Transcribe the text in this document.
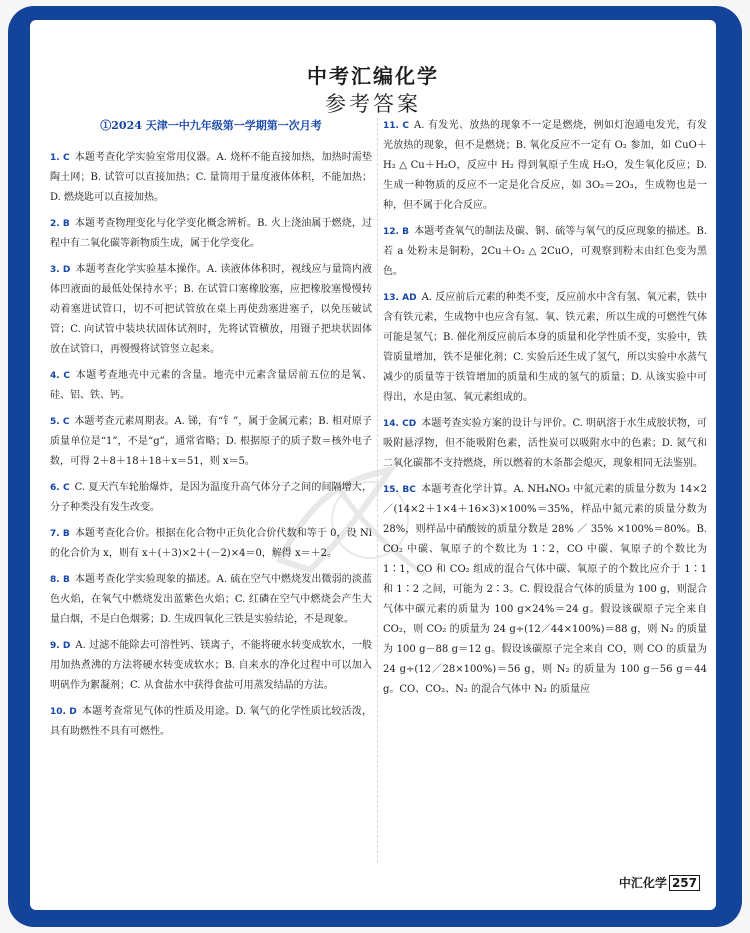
中考汇编化学
参考答案
①2024 天津一中九年级第一学期第一次月考
1. C 本题考查化学实验室常用仪器。A. 烧杯不能直接加热，加热时需垫陶土网；B. 试管可以直接加热；C. 量筒用于量度液体体积，不能加热；D. 燃烧匙可以直接加热。
2. B 本题考查物理变化与化学变化概念辨析。B. 火上浇油属于燃烧，过程中有二氧化碳等新物质生成，属于化学变化。
3. D 本题考查化学实验基本操作。A. 读液体体积时，视线应与量筒内液体凹液面的最低处保持水平；B. 在试管口塞橡胶塞，应把橡胶塞慢慢转动着塞进试管口，切不可把试管放在桌上再使劲塞进塞子，以免压破试管；C. 向试管中装块状固体试剂时，先将试管横放，用镊子把块状固体放在试管口，再慢慢将试管竖立起来。
4. C 本题考查地壳中元素的含量。地壳中元素含量居前五位的是氧、硅、铝、铁、钙。
5. C 本题考查元素周期表。A. 锑，有“钅”，属于金属元素；B. 相对原子质量单位是“1”，不是“g”，通常省略；D. 根据原子的质子数＝核外电子数，可得 2＋8＋18＋18＋x＝51，则 x＝5。
6. C C. 夏天汽车轮胎爆炸，是因为温度升高气体分子之间的间隔增大，分子种类没有发生改变。
7. B 本题考查化合价。根据在化合物中正负化合价代数和等于 0，设 Ni 的化合价为 x，则有 x＋(＋3)×2＋(－2)×4＝0，解得 x＝＋2。
8. B 本题考查化学实验现象的描述。A. 硫在空气中燃烧发出微弱的淡蓝色火焰，在氧气中燃烧发出蓝紫色火焰；C. 红磷在空气中燃烧会产生大量白烟，不是白色烟雾；D. 生成四氧化三铁是实验结论，不是现象。
9. D A. 过滤不能除去可溶性钙、镁离子，不能将硬水转变成软水，一般用加热煮沸的方法将硬水转变成软水；B. 自来水的净化过程中可以加入明矾作为絮凝剂；C. 从食盐水中获得食盐可用蒸发结晶的方法。
10. D 本题考查常见气体的性质及用途。D. 氧气的化学性质比较活泼，具有助燃性不具有可燃性。
11. C A. 有发光、放热的现象不一定是燃烧，例如灯泡通电发光，有发光放热的现象，但不是燃烧；B. 氧化反应不一定有 O₂ 参加，如 CuO＋H₂ △ Cu＋H₂O，反应中 H₂ 得到氧原子生成 H₂O，发生氧化反应；D. 生成一种物质的反应不一定是化合反应，如 3O₂＝2O₃，生成物也是一种，但不属于化合反应。
12. B 本题考查氧气的制法及碳、铜、硫等与氧气的反应现象的描述。B. 若 a 处粉末是铜粉，2Cu＋O₂ △ 2CuO，可观察到粉末由红色变为黑色。
13. AD A. 反应前后元素的种类不变，反应前水中含有氢、氧元素，铁中含有铁元素，生成物中也应含有氢、氧、铁元素，所以生成的可燃性气体可能是氢气；B. 催化剂反应前后本身的质量和化学性质不变，实验中，铁管质量增加，铁不是催化剂；C. 实验后还生成了氢气，所以实验中水蒸气减少的质量等于铁管增加的质量和生成的氢气的质量；D. 从该实验中可得出，水是由氢、氧元素组成的。
14. CD 本题考查实验方案的设计与评价。C. 明矾溶于水生成胶状物，可吸附悬浮物，但不能吸附色素，活性炭可以吸附水中的色素；D. 氮气和二氧化碳都不支持燃烧，所以燃着的木条都会熄灭，现象相同无法鉴别。
15. BC 本题考查化学计算。A. NH₄NO₃ 中氮元素的质量分数为 14×2 ／(14×2＋1×4＋16×3)×100%＝35%，样品中氮元素的质量分数为 28%，则样品中硝酸铵的质量分数是 28% ／ 35% ×100%＝80%。B. CO₂ 中碳、氧原子的个数比为 1∶2，CO 中碳、氧原子的个数比为 1∶1，CO 和 CO₂ 组成的混合气体中碳、氧原子的个数比应介于 1∶1 和 1∶2 之间，可能为 2∶3。C. 假设混合气体的质量为 100 g，则混合气体中碳元素的质量为 100 g×24%＝24 g。假设该碳原子完全来自 CO₂，则 CO₂ 的质量为 24 g÷(12／44×100%)＝88 g，则 N₂ 的质量为 100 g－88 g＝12 g。假设该碳原子完全来自 CO，则 CO 的质量为 24 g÷(12／28×100%)＝56 g，则 N₂ 的质量为 100 g－56 g＝44 g。CO、CO₂、N₂ 的混合气体中 N₂ 的质量应
中汇化学 257
